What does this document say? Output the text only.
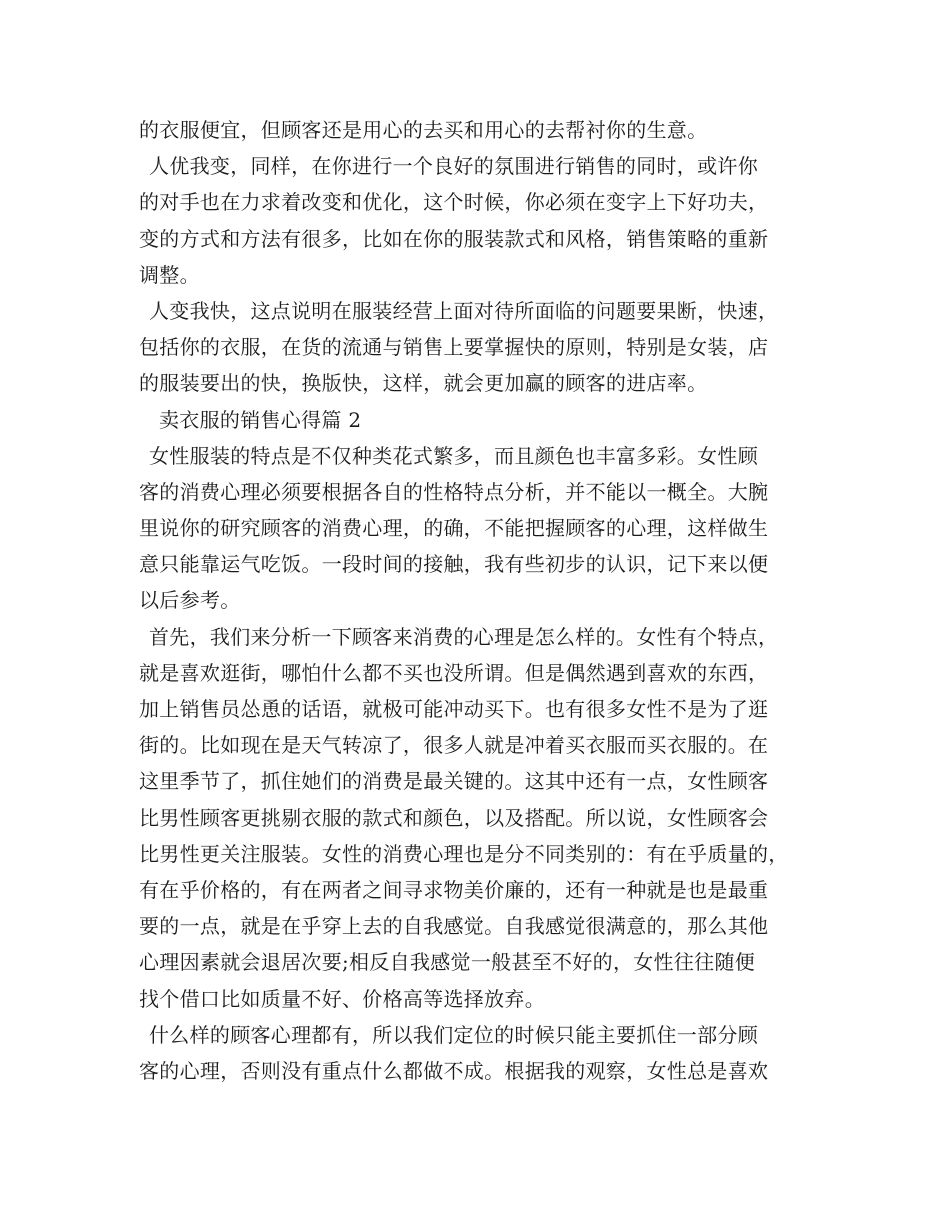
的衣服便宜，但顾客还是用心的去买和用心的去帮衬你的生意。
人优我变，同样，在你进行一个良好的氛围进行销售的同时，或许你
的对手也在力求着改变和优化，这个时候，你必须在变字上下好功夫，
变的方式和方法有很多，比如在你的服装款式和风格，销售策略的重新
调整。
人变我快，这点说明在服装经营上面对待所面临的问题要果断，快速，
包括你的衣服，在货的流通与销售上要掌握快的原则，特别是女装，店
的服装要出的快，换版快，这样，就会更加赢的顾客的进店率。
卖衣服的销售心得篇 2
女性服装的特点是不仅种类花式繁多，而且颜色也丰富多彩。女性顾
客的消费心理必须要根据各自的性格特点分析，并不能以一概全。大腕
里说你的研究顾客的消费心理，的确，不能把握顾客的心理，这样做生
意只能靠运气吃饭。一段时间的接触，我有些初步的认识，记下来以便
以后参考。
首先，我们来分析一下顾客来消费的心理是怎么样的。女性有个特点，
就是喜欢逛街，哪怕什么都不买也没所谓。但是偶然遇到喜欢的东西，
加上销售员怂恿的话语，就极可能冲动买下。也有很多女性不是为了逛
街的。比如现在是天气转凉了，很多人就是冲着买衣服而买衣服的。在
这里季节了，抓住她们的消费是最关键的。这其中还有一点，女性顾客
比男性顾客更挑剔衣服的款式和颜色，以及搭配。所以说，女性顾客会
比男性更关注服装。女性的消费心理也是分不同类别的：有在乎质量的，
有在乎价格的，有在两者之间寻求物美价廉的，还有一种就是也是最重
要的一点，就是在乎穿上去的自我感觉。自我感觉很满意的，那么其他
心理因素就会退居次要;相反自我感觉一般甚至不好的，女性往往随便
找个借口比如质量不好、价格高等选择放弃。
什么样的顾客心理都有，所以我们定位的时候只能主要抓住一部分顾
客的心理，否则没有重点什么都做不成。根据我的观察，女性总是喜欢
